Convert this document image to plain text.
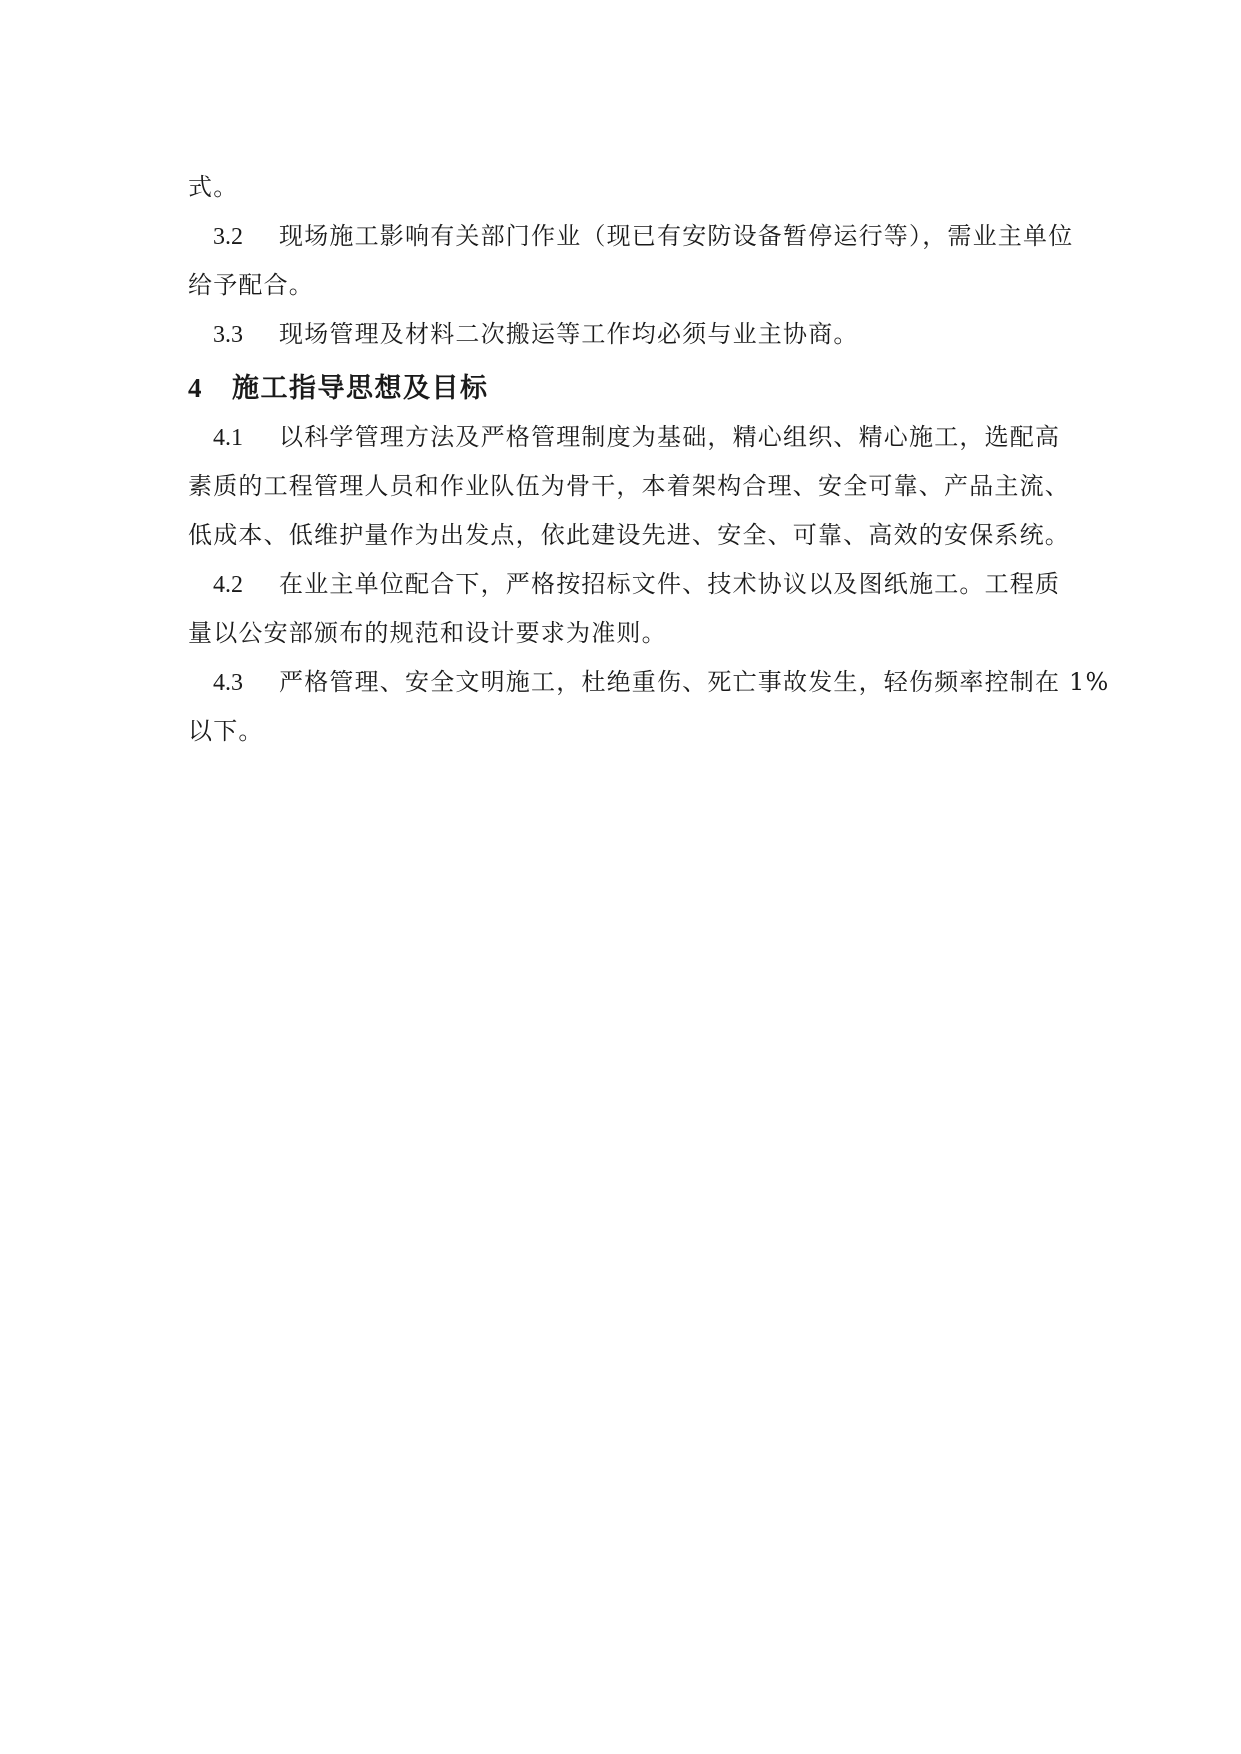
式。
3.2 现场施工影响有关部门作业（现已有安防设备暂停运行等），需业主单位
给予配合。
3.3 现场管理及材料二次搬运等工作均必须与业主协商。
4 施工指导思想及目标
4.1 以科学管理方法及严格管理制度为基础，精心组织、精心施工，选配高
素质的工程管理人员和作业队伍为骨干，本着架构合理、安全可靠、产品主流、
低成本、低维护量作为出发点，依此建设先进、安全、可靠、高效的安保系统。
4.2 在业主单位配合下，严格按招标文件、技术协议以及图纸施工。工程质
量以公安部颁布的规范和设计要求为准则。
4.3 严格管理、安全文明施工，杜绝重伤、死亡事故发生，轻伤频率控制在 1%
以下。
